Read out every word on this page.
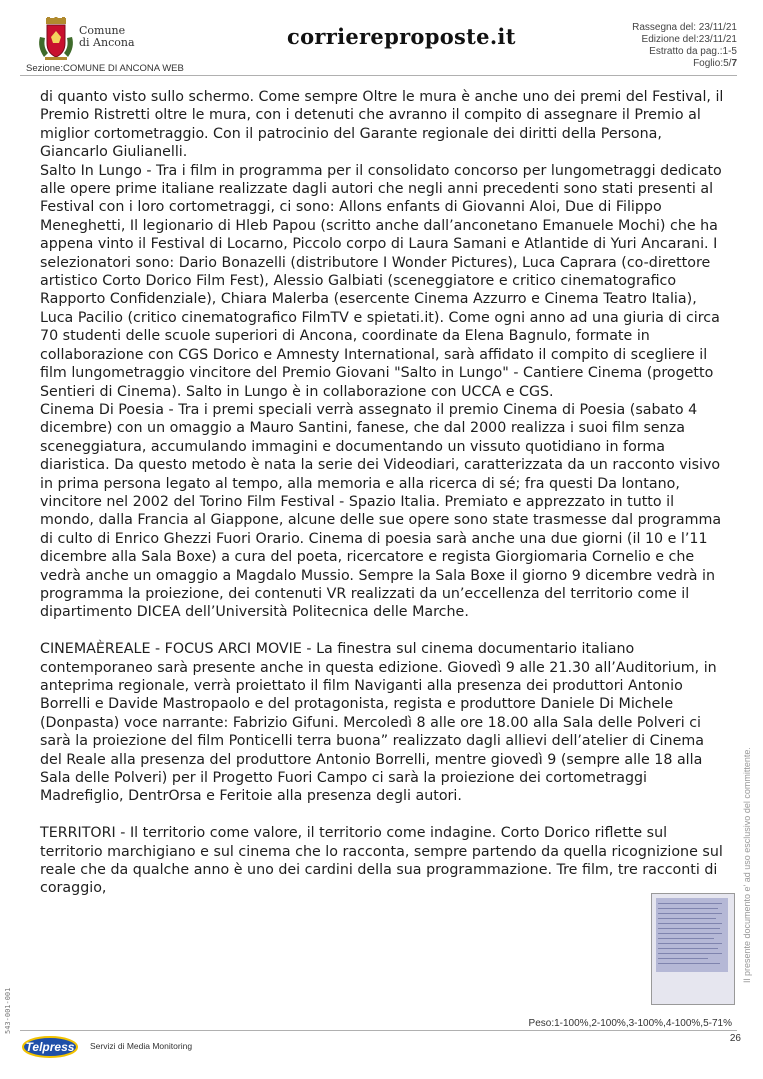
Comune
di Ancona	corriereproposte.it	Rassegna del: 23/11/21
Edizione del:23/11/21
Estratto da pag.:1-5
Foglio:5/7
Sezione:COMUNE DI ANCONA WEB

di quanto visto sullo schermo. Come sempre Oltre le mura è anche uno dei premi del Festival, il Premio Ristretti oltre le mura, con i detenuti che avranno il compito di assegnare il Premio al miglior cortometraggio. Con il patrocinio del Garante regionale dei diritti della Persona, Giancarlo Giulianelli.

Salto In Lungo - Tra i film in programma per il consolidato concorso per lungometraggi dedicato alle opere prime italiane realizzate dagli autori che negli anni precedenti sono stati presenti al Festival con i loro cortometraggi, ci sono: Allons enfants di Giovanni Aloi, Due di Filippo Meneghetti, Il legionario di Hleb Papou (scritto anche dall’anconetano Emanuele Mochi) che ha appena vinto il Festival di Locarno, Piccolo corpo di Laura Samani e Atlantide di Yuri Ancarani. I selezionatori sono: Dario Bonazelli (distributore I Wonder Pictures), Luca Caprara (co-direttore artistico Corto Dorico Film Fest), Alessio Galbiati (sceneggiatore e critico cinematografico Rapporto Confidenziale), Chiara Malerba (esercente Cinema Azzurro e Cinema Teatro Italia), Luca Pacilio (critico cinematografico FilmTV e spietati.it). Come ogni anno ad una giuria di circa 70 studenti delle scuole superiori di Ancona, coordinate da Elena Bagnulo, formate in collaborazione con CGS Dorico e Amnesty International, sarà affidato il compito di scegliere il film lungometraggio vincitore del Premio Giovani "Salto in Lungo" - Cantiere Cinema (progetto Sentieri di Cinema). Salto in Lungo è in collaborazione con UCCA e CGS.

Cinema Di Poesia - Tra i premi speciali verrà assegnato il premio Cinema di Poesia (sabato 4 dicembre) con un omaggio a Mauro Santini, fanese, che dal 2000 realizza i suoi film senza sceneggiatura, accumulando immagini e documentando un vissuto quotidiano in forma diaristica. Da questo metodo è nata la serie dei Videodiari, caratterizzata da un racconto visivo in prima persona legato al tempo, alla memoria e alla ricerca di sé; fra questi Da lontano, vincitore nel 2002 del Torino Film Festival - Spazio Italia. Premiato e apprezzato in tutto il mondo, dalla Francia al Giappone, alcune delle sue opere sono state trasmesse dal programma di culto di Enrico Ghezzi Fuori Orario. Cinema di poesia sarà anche una due giorni (il 10 e l’11 dicembre alla Sala Boxe) a cura del poeta, ricercatore e regista Giorgiomaria Cornelio e che vedrà anche un omaggio a Magdalo Mussio. Sempre la Sala Boxe il giorno 9 dicembre vedrà in programma la proiezione, dei contenuti VR realizzati da un’eccellenza del territorio come il dipartimento DICEA dell’Università Politecnica delle Marche.

CINEMAÈREALE - FOCUS ARCI MOVIE - La finestra sul cinema documentario italiano contemporaneo sarà presente anche in questa edizione. Giovedì 9 alle 21.30 all’Auditorium, in anteprima regionale, verrà proiettato il film Naviganti alla presenza dei produttori Antonio Borrelli e Davide Mastropaolo e del protagonista, regista e produttore Daniele Di Michele (Donpasta) voce narrante: Fabrizio Gifuni. Mercoledì 8 alle ore 18.00 alla Sala delle Polveri ci sarà la proiezione del film Ponticelli terra buona” realizzato dagli allievi dell’atelier di Cinema del Reale alla presenza del produttore Antonio Borrelli, mentre giovedì 9 (sempre alle 18 alla Sala delle Polveri) per il Progetto Fuori Campo ci sarà la proiezione dei cortometraggi Madrefiglio, DentrOrsa e Feritoie alla presenza degli autori.

TERRITORI - Il territorio come valore, il territorio come indagine. Corto Dorico riflette sul territorio marchigiano e sul cinema che lo racconta, sempre partendo da quella ricognizione sul reale che da qualche anno è uno dei cardini della sua programmazione. Tre film, tre racconti di coraggio,	Il presente documento e' ad uso esclusivo del committente.
543-001-001	Peso:1-100%,2-100%,3-100%,4-100%,5-71%
26
Telpress	Servizi di Media Monitoring
